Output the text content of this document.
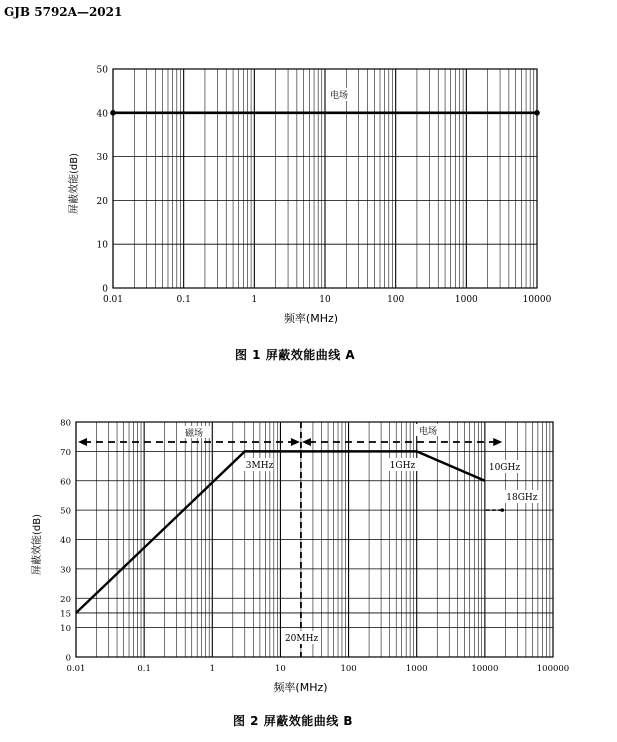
GJB 5792A—2021
0
10
20
30
40
50
0.01	0.1	1	10	100	1000	10000
频率(MHz)
屏蔽效能(dB)
电场
0
10
15
20
30
40
50
60
70
80
0.01	0.1	1	10	100	1000	10000	100000
频率(MHz)
屏蔽效能(dB)
磁场	电场
3MHz	1GHz	10GHz
18GHz
20MHz
图 1 屏蔽效能曲线 A
图 2 屏蔽效能曲线 B
